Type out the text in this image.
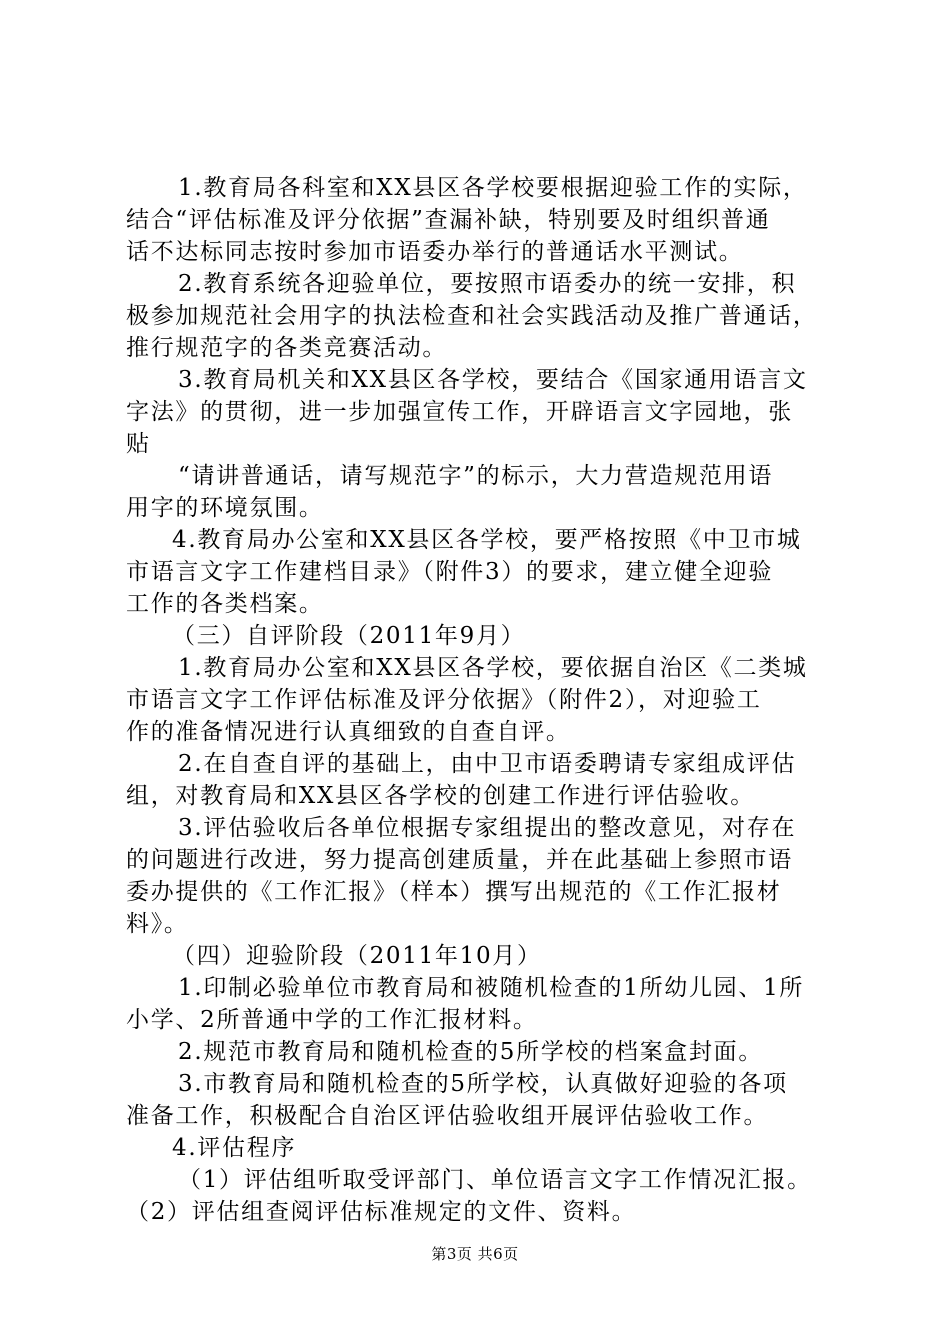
1.教育局各科室和XX县区各学校要根据迎验工作的实际，
结合“评估标准及评分依据”查漏补缺，特别要及时组织普通
话不达标同志按时参加市语委办举行的普通话水平测试。
2.教育系统各迎验单位，要按照市语委办的统一安排，积
极参加规范社会用字的执法检查和社会实践活动及推广普通话，
推行规范字的各类竞赛活动。
3.教育局机关和XX县区各学校，要结合《国家通用语言文
字法》的贯彻，进一步加强宣传工作，开辟语言文字园地，张
贴
“请讲普通话，请写规范字”的标示，大力营造规范用语
用字的环境氛围。
4.教育局办公室和XX县区各学校，要严格按照《中卫市城
市语言文字工作建档目录》（附件3）的要求，建立健全迎验
工作的各类档案。
（三）自评阶段（2011年9月）
1.教育局办公室和XX县区各学校，要依据自治区《二类城
市语言文字工作评估标准及评分依据》（附件2），对迎验工
作的准备情况进行认真细致的自查自评。
2.在自查自评的基础上，由中卫市语委聘请专家组成评估
组，对教育局和XX县区各学校的创建工作进行评估验收。
3.评估验收后各单位根据专家组提出的整改意见，对存在
的问题进行改进，努力提高创建质量，并在此基础上参照市语
委办提供的《工作汇报》（样本）撰写出规范的《工作汇报材
料》。
（四）迎验阶段（2011年10月）
1.印制必验单位市教育局和被随机检查的1所幼儿园、1所
小学、2所普通中学的工作汇报材料。
2.规范市教育局和随机检查的5所学校的档案盒封面。
3.市教育局和随机检查的5所学校，认真做好迎验的各项
准备工作，积极配合自治区评估验收组开展评估验收工作。
4.评估程序
（1）评估组听取受评部门、单位语言文字工作情况汇报。
（2）评估组查阅评估标准规定的文件、资料。
第3页 共6页
